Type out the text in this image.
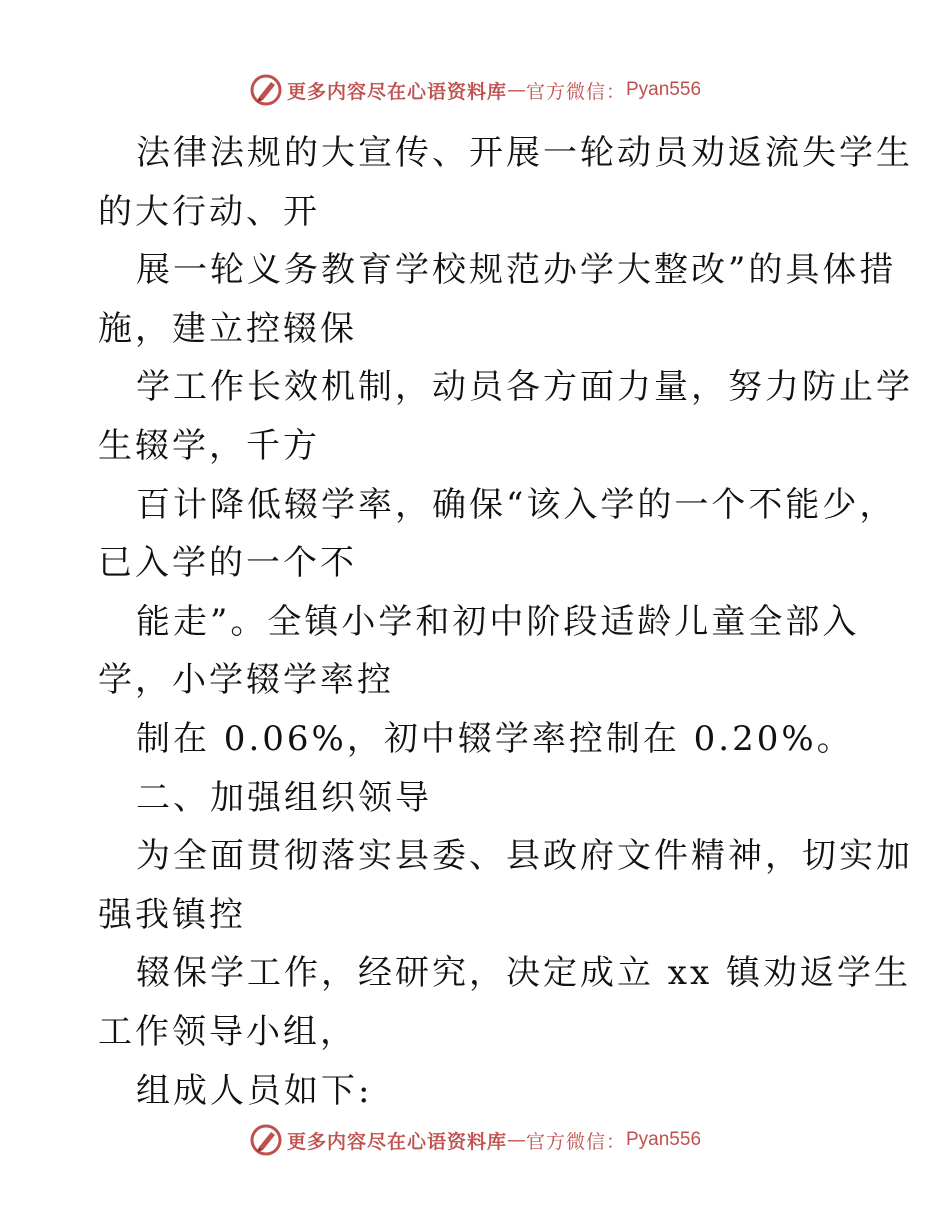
更多内容尽在心语资料库 — 官方微信： Pyan556
法律法规的大宣传、开展一轮动员劝返流失学生
的大行动、开
展一轮义务教育学校规范办学大整改”的具体措
施，建立控辍保
学工作长效机制，动员各方面力量，努力防止学
生辍学，千方
百计降低辍学率，确保“该入学的一个不能少，
已入学的一个不
能走”。全镇小学和初中阶段适龄儿童全部入
学，小学辍学率控
制在 0.06%，初中辍学率控制在 0.20%。
二、加强组织领导
为全面贯彻落实县委、县政府文件精神，切实加
强我镇控
辍保学工作，经研究，决定成立 xx 镇劝返学生
工作领导小组，
组成人员如下:
更多内容尽在心语资料库 — 官方微信： Pyan556
